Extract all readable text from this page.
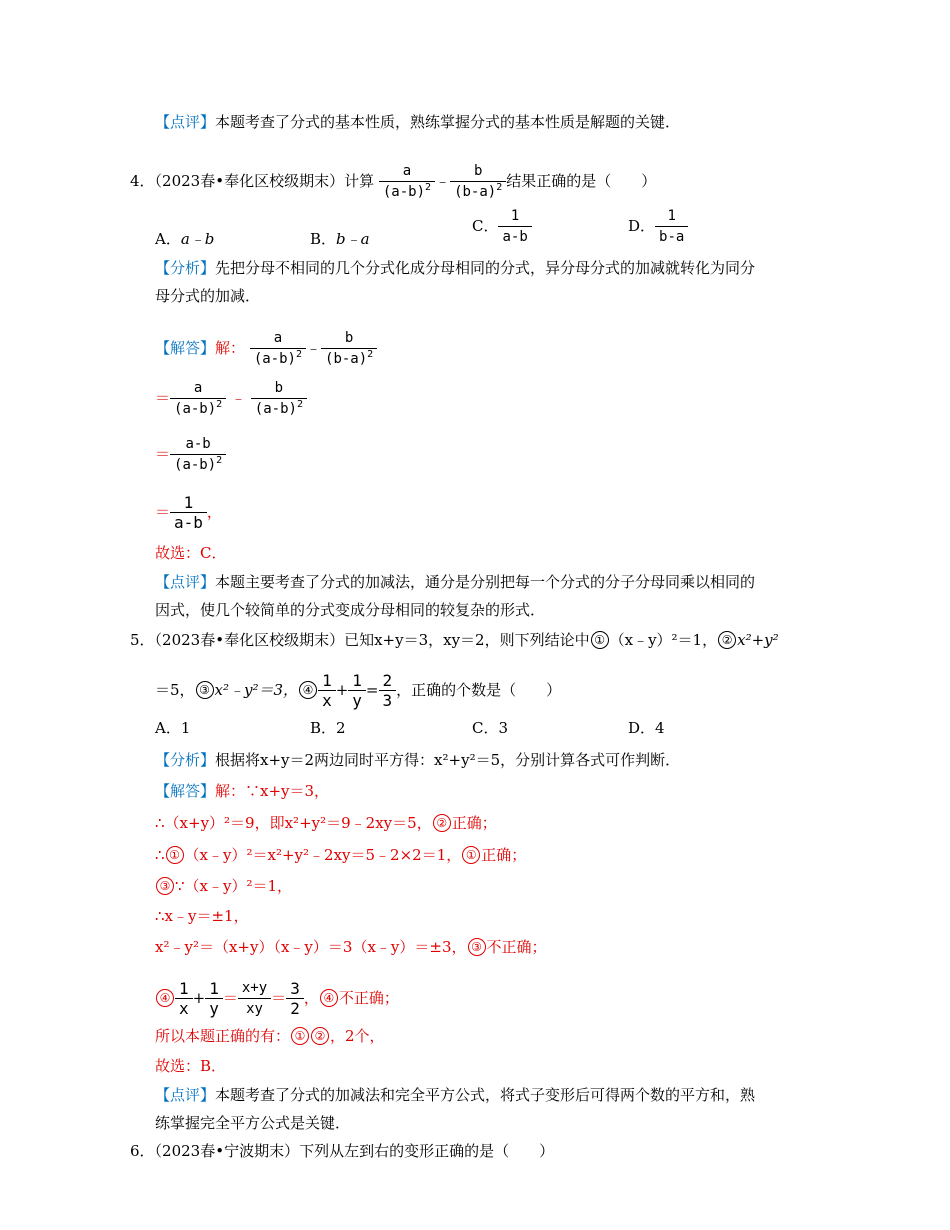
【点评】本题考查了分式的基本性质，熟练掌握分式的基本性质是解题的关键．
4．（2023春•奉化区校级期末）计算 $\frac{a}{(a-b)^2}$ ﹣ $\frac{b}{(b-a)^2}$ 结果正确的是（　　）
A．a﹣b	B．b﹣a
C． $\frac{1}{a-b}$	D． $\frac{1}{b-a}$
【分析】先把分母不相同的几个分式化成分母相同的分式，异分母分式的加减就转化为同分
母分式的加减．
【解答】解： $\frac{a}{(a-b)^2}$ ﹣ $\frac{b}{(b-a)^2}$
＝ $\frac{a}{(a-b)^2}$ ﹣ $\frac{b}{(a-b)^2}$
＝ $\frac{a-b}{(a-b)^2}$
＝ $\frac{1}{a-b}$ ，
故选：C．
【点评】本题主要考查了分式的加减法，通分是分别把每一个分式的分子分母同乘以相同的
因式，使几个较简单的分式变成分母相同的较复杂的形式．
5．（2023春•奉化区校级期末）已知x+y＝3，xy＝2，则下列结论中 ① （x﹣y）²＝1， ② x²+y²
＝5， ③ x²﹣y²＝3， ④ $\frac{1}{x} + \frac{1}{y} = \frac{2}{3}$ ，正确的个数是（　　）
A．1	B．2	C．3	D．4
【分析】根据将x+y＝2两边同时平方得：x²+y²＝5，分别计算各式可作判断．
【解答】解：∵x+y＝3，
∴（x+y）²＝9，即x²+y²＝9﹣2xy＝5， ② 正确；
∴ ① （x﹣y）²＝x²+y²﹣2xy＝5﹣2×2＝1， ① 正确；
③ ∵（x﹣y）²＝1，
∴x﹣y＝±1，
x²﹣y²＝（x+y）（x﹣y）＝3（x﹣y）＝±3， ③ 不正确；
④ $\frac{1}{x} + \frac{1}{y} = \frac{x+y}{xy} = \frac{3}{2}$ ， ④ 不正确；
所以本题正确的有： ① ② ，2个，
故选：B．
【点评】本题考查了分式的加减法和完全平方公式，将式子变形后可得两个数的平方和，熟
练掌握完全平方公式是关键．
6．（2023春•宁波期末）下列从左到右的变形正确的是（　　）
